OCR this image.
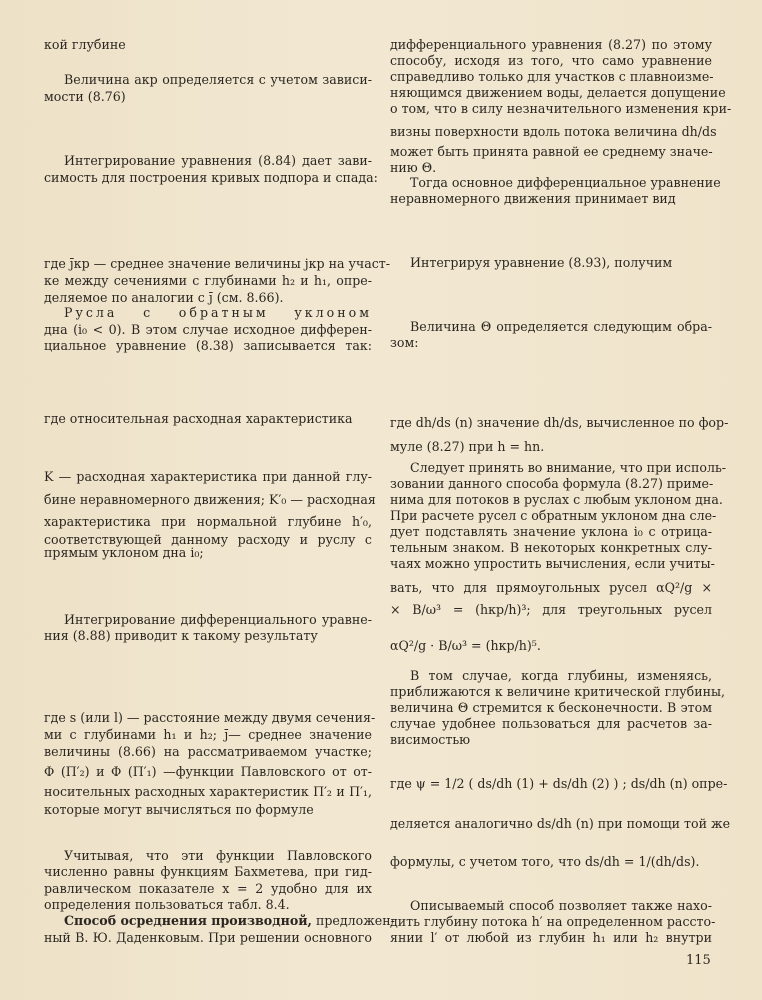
кой глубине
Величина aкр определяется с учетом зависи-
мости (8.76)
Интегрирование уравнения (8.84) дает зави-
симость для построения кривых подпора и спада:
где j̄кр — среднее значение величины jкр на участ-
ке между сечениями с глубинами h₂ и h₁, опре-
деляемое по аналогии с j̄ (см. 8.66).
Русла с обратным уклоном
дна (i₀ < 0). В этом случае исходное дифферен-
циальное уравнение (8.38) записывается так:
где относительная расходная характеристика
K — расходная характеристика при данной глу-
бине неравномерного движения; K′₀ — расходная
характеристика при нормальной глубине h′₀,
соответствующей данному расходу и руслу с
прямым уклоном дна i₀;
Интегрирование дифференциального уравне-
ния (8.88) приводит к такому результату
где s (или l) — расстояние между двумя сечения-
ми с глубинами h₁ и h₂; j̄— среднее значение
величины (8.66) на рассматриваемом участке;
Φ (П′₂) и Φ (П′₁) —функции Павловского от от-
носительных расходных характеристик П′₂ и П′₁,
которые могут вычисляться по формуле
Учитывая, что эти функции Павловского
численно равны функциям Бахметева, при гид-
равлическом показателе x = 2 удобно для их
определения пользоваться табл. 8.4.
Способ осреднения производной, предложен-
ный В. Ю. Даденковым. При решении основного
дифференциального уравнения (8.27) по этому
способу, исходя из того, что само уравнение
справедливо только для участков с плавноизме-
няющимся движением воды, делается допущение
о том, что в силу незначительного изменения кри-
визны поверхности вдоль потока величина dh/ds
может быть принята равной ее среднему значе-
нию Θ.
Тогда основное дифференциальное уравнение
неравномерного движения принимает вид
Интегрируя уравнение (8.93), получим
Величина Θ определяется следующим обра-
зом:
где dh/ds (n) значение dh/ds, вычисленное по фор-
муле (8.27) при h = hn.
Следует принять во внимание, что при исполь-
зовании данного способа формула (8.27) приме-
нима для потоков в руслах с любым уклоном дна.
При расчете русел с обратным уклоном дна сле-
дует подставлять значение уклона i₀ с отрица-
тельным знаком. В некоторых конкретных слу-
чаях можно упростить вычисления, если учиты-
вать, что для прямоугольных русел αQ²/g ×
× B/ω³ = (hкр/h)³; для треугольных русел
αQ²/g · B/ω³ = (hкр/h)⁵.
В том случае, когда глубины, изменяясь,
приближаются к величине критической глубины,
величина Θ стремится к бесконечности. В этом
случае удобнее пользоваться для расчетов за-
висимостью
где ψ = 1/2 ( ds/dh (1) + ds/dh (2) ) ; ds/dh (n) опре-
деляется аналогично ds/dh (n) при помощи той же
формулы, с учетом того, что ds/dh = 1/(dh/ds).
Описываемый способ позволяет также нахо-
дить глубину потока h′ на определенном рассто-
янии l′ от любой из глубин h₁ или h₂ внутри
115
